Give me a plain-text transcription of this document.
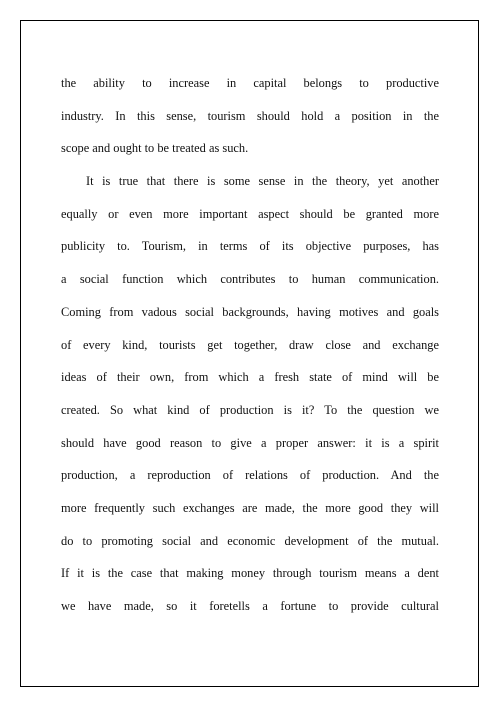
the ability to increase in capital belongs to productive
industry. In this sense, tourism should hold a position in the
scope and ought to be treated as such.
It is true that there is some sense in the theory, yet another
equally or even more important aspect should be granted more
publicity to. Tourism, in terms of its objective purposes, has
a social function which contributes to human communication.
Coming from vadous social backgrounds, having motives and goals
of every kind, tourists get together, draw close and exchange
ideas of their own, from which a fresh state of mind will be
created. So what kind of production is it? To the question we
should have good reason to give a proper answer: it is a spirit
production, a reproduction of relations of production. And the
more frequently such exchanges are made, the more good they will
do to promoting social and economic development of the mutual.
If it is the case that making money through tourism means a dent
we have made, so it foretells a fortune to provide cultural
